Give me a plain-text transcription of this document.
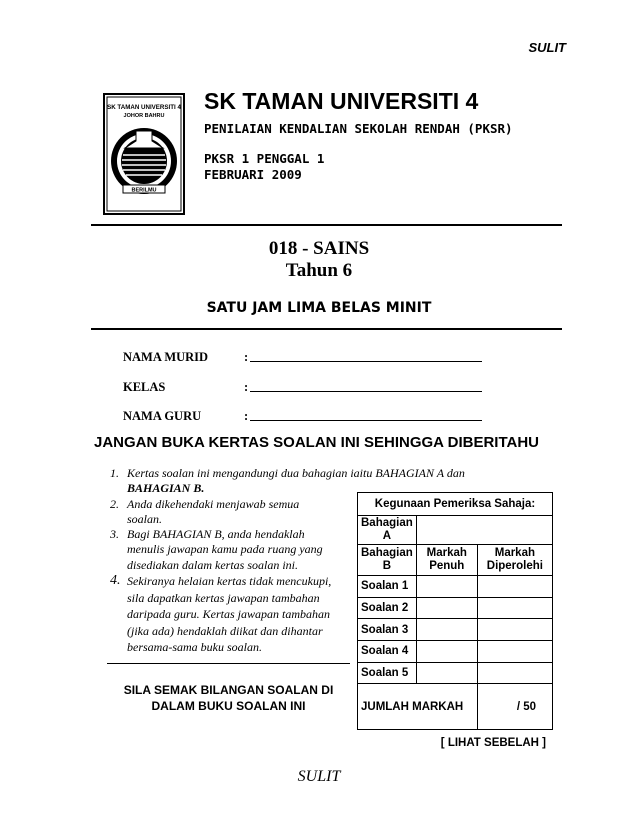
SULIT
SK TAMAN UNIVERSITI 4
JOHOR BAHRU
BERILMU
SK TAMAN UNIVERSITI 4
PENILAIAN KENDALIAN SEKOLAH RENDAH (PKSR)
PKSR 1 PENGGAL 1
FEBRUARI 2009
018 - SAINS
Tahun 6
SATU JAM LIMA BELAS MINIT
NAMA MURID	:
KELAS	:
NAMA GURU	:
JANGAN BUKA KERTAS SOALAN INI SEHINGGA DIBERITAHU
1. Kertas soalan ini mengandungi dua bahagian iaitu BAHAGIAN A dan
BAHAGIAN B.
2. Anda dikehendaki menjawab semua
soalan.
3. Bagi BAHAGIAN B, anda hendaklah
menulis jawapan kamu pada ruang yang
disediakan dalam kertas soalan ini.
4. Sekiranya helaian kertas tidak mencukupi,
sila dapatkan kertas jawapan tambahan
daripada guru. Kertas jawapan tambahan
(jika ada) hendaklah diikat dan dihantar
bersama-sama buku soalan.
SILA SEMAK BILANGAN SOALAN DI DALAM BUKU SOALAN INI
Kegunaan Pemeriksa Sahaja:		
Bahagian A		
Bahagian B	Markah Penuh	Markah Diperolehi
Soalan 1		
Soalan 2		
Soalan 3		
Soalan 4		
Soalan 5		
JUMLAH MARKAH		/ 50
[ LIHAT SEBELAH ]
SULIT
